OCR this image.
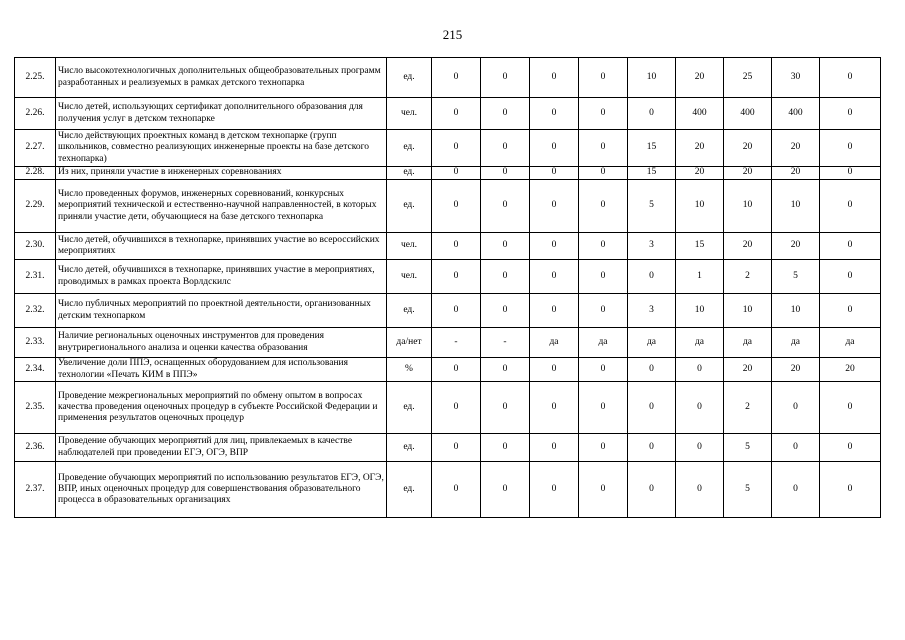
215
2.25.	Число высокотехнологичных дополнительных общеобразовательных программ разработанных и реализуемых в рамках детского технопарка	ед.	0	0	0	0	10	20	25	30	0
2.26.	Число детей, использующих сертификат дополнительного образования для получения услуг в детском технопарке	чел.	0	0	0	0	0	400	400	400	0
2.27.	Число действующих проектных команд в детском технопарке (групп школьников, совместно реализующих инженерные проекты на базе детского технопарка)	ед.	0	0	0	0	15	20	20	20	0
2.28.	Из них, приняли участие в инженерных соревнованиях	ед.	0	0	0	0	15	20	20	20	0
2.29.	Число проведенных форумов, инженерных соревнований, конкурсных мероприятий технической и естественно-научной направленностей, в которых приняли участие дети, обучающиеся на базе детского технопарка	ед.	0	0	0	0	5	10	10	10	0
2.30.	Число детей, обучившихся в технопарке, принявших участие во всероссийских мероприятиях	чел.	0	0	0	0	3	15	20	20	0
2.31.	Число детей, обучившихся в технопарке, принявших участие в мероприятиях, проводимых в рамках проекта Ворлдскилс	чел.	0	0	0	0	0	1	2	5	0
2.32.	Число публичных мероприятий по проектной деятельности, организованных детским технопарком	ед.	0	0	0	0	3	10	10	10	0
2.33.	Наличие региональных оценочных инструментов для проведения внутрирегионального анализа и оценки качества образования	да/нет	-	-	да	да	да	да	да	да	да
2.34.	Увеличение доли ППЭ, оснащенных оборудованием для использования технологии «Печать КИМ в ППЭ»	%	0	0	0	0	0	0	20	20	20
2.35.	Проведение межрегиональных мероприятий по обмену опытом в вопросах качества проведения оценочных процедур в субъекте Российской Федерации и применения результатов оценочных процедур	ед.	0	0	0	0	0	0	2	0	0
2.36.	Проведение обучающих мероприятий для лиц, привлекаемых в качестве наблюдателей при проведении ЕГЭ, ОГЭ, ВПР	ед.	0	0	0	0	0	0	5	0	0
2.37.	Проведение обучающих мероприятий по использованию результатов ЕГЭ, ОГЭ, ВПР, иных оценочных процедур для совершенствования образовательного процесса в образовательных организациях	ед.	0	0	0	0	0	0	5	0	0
